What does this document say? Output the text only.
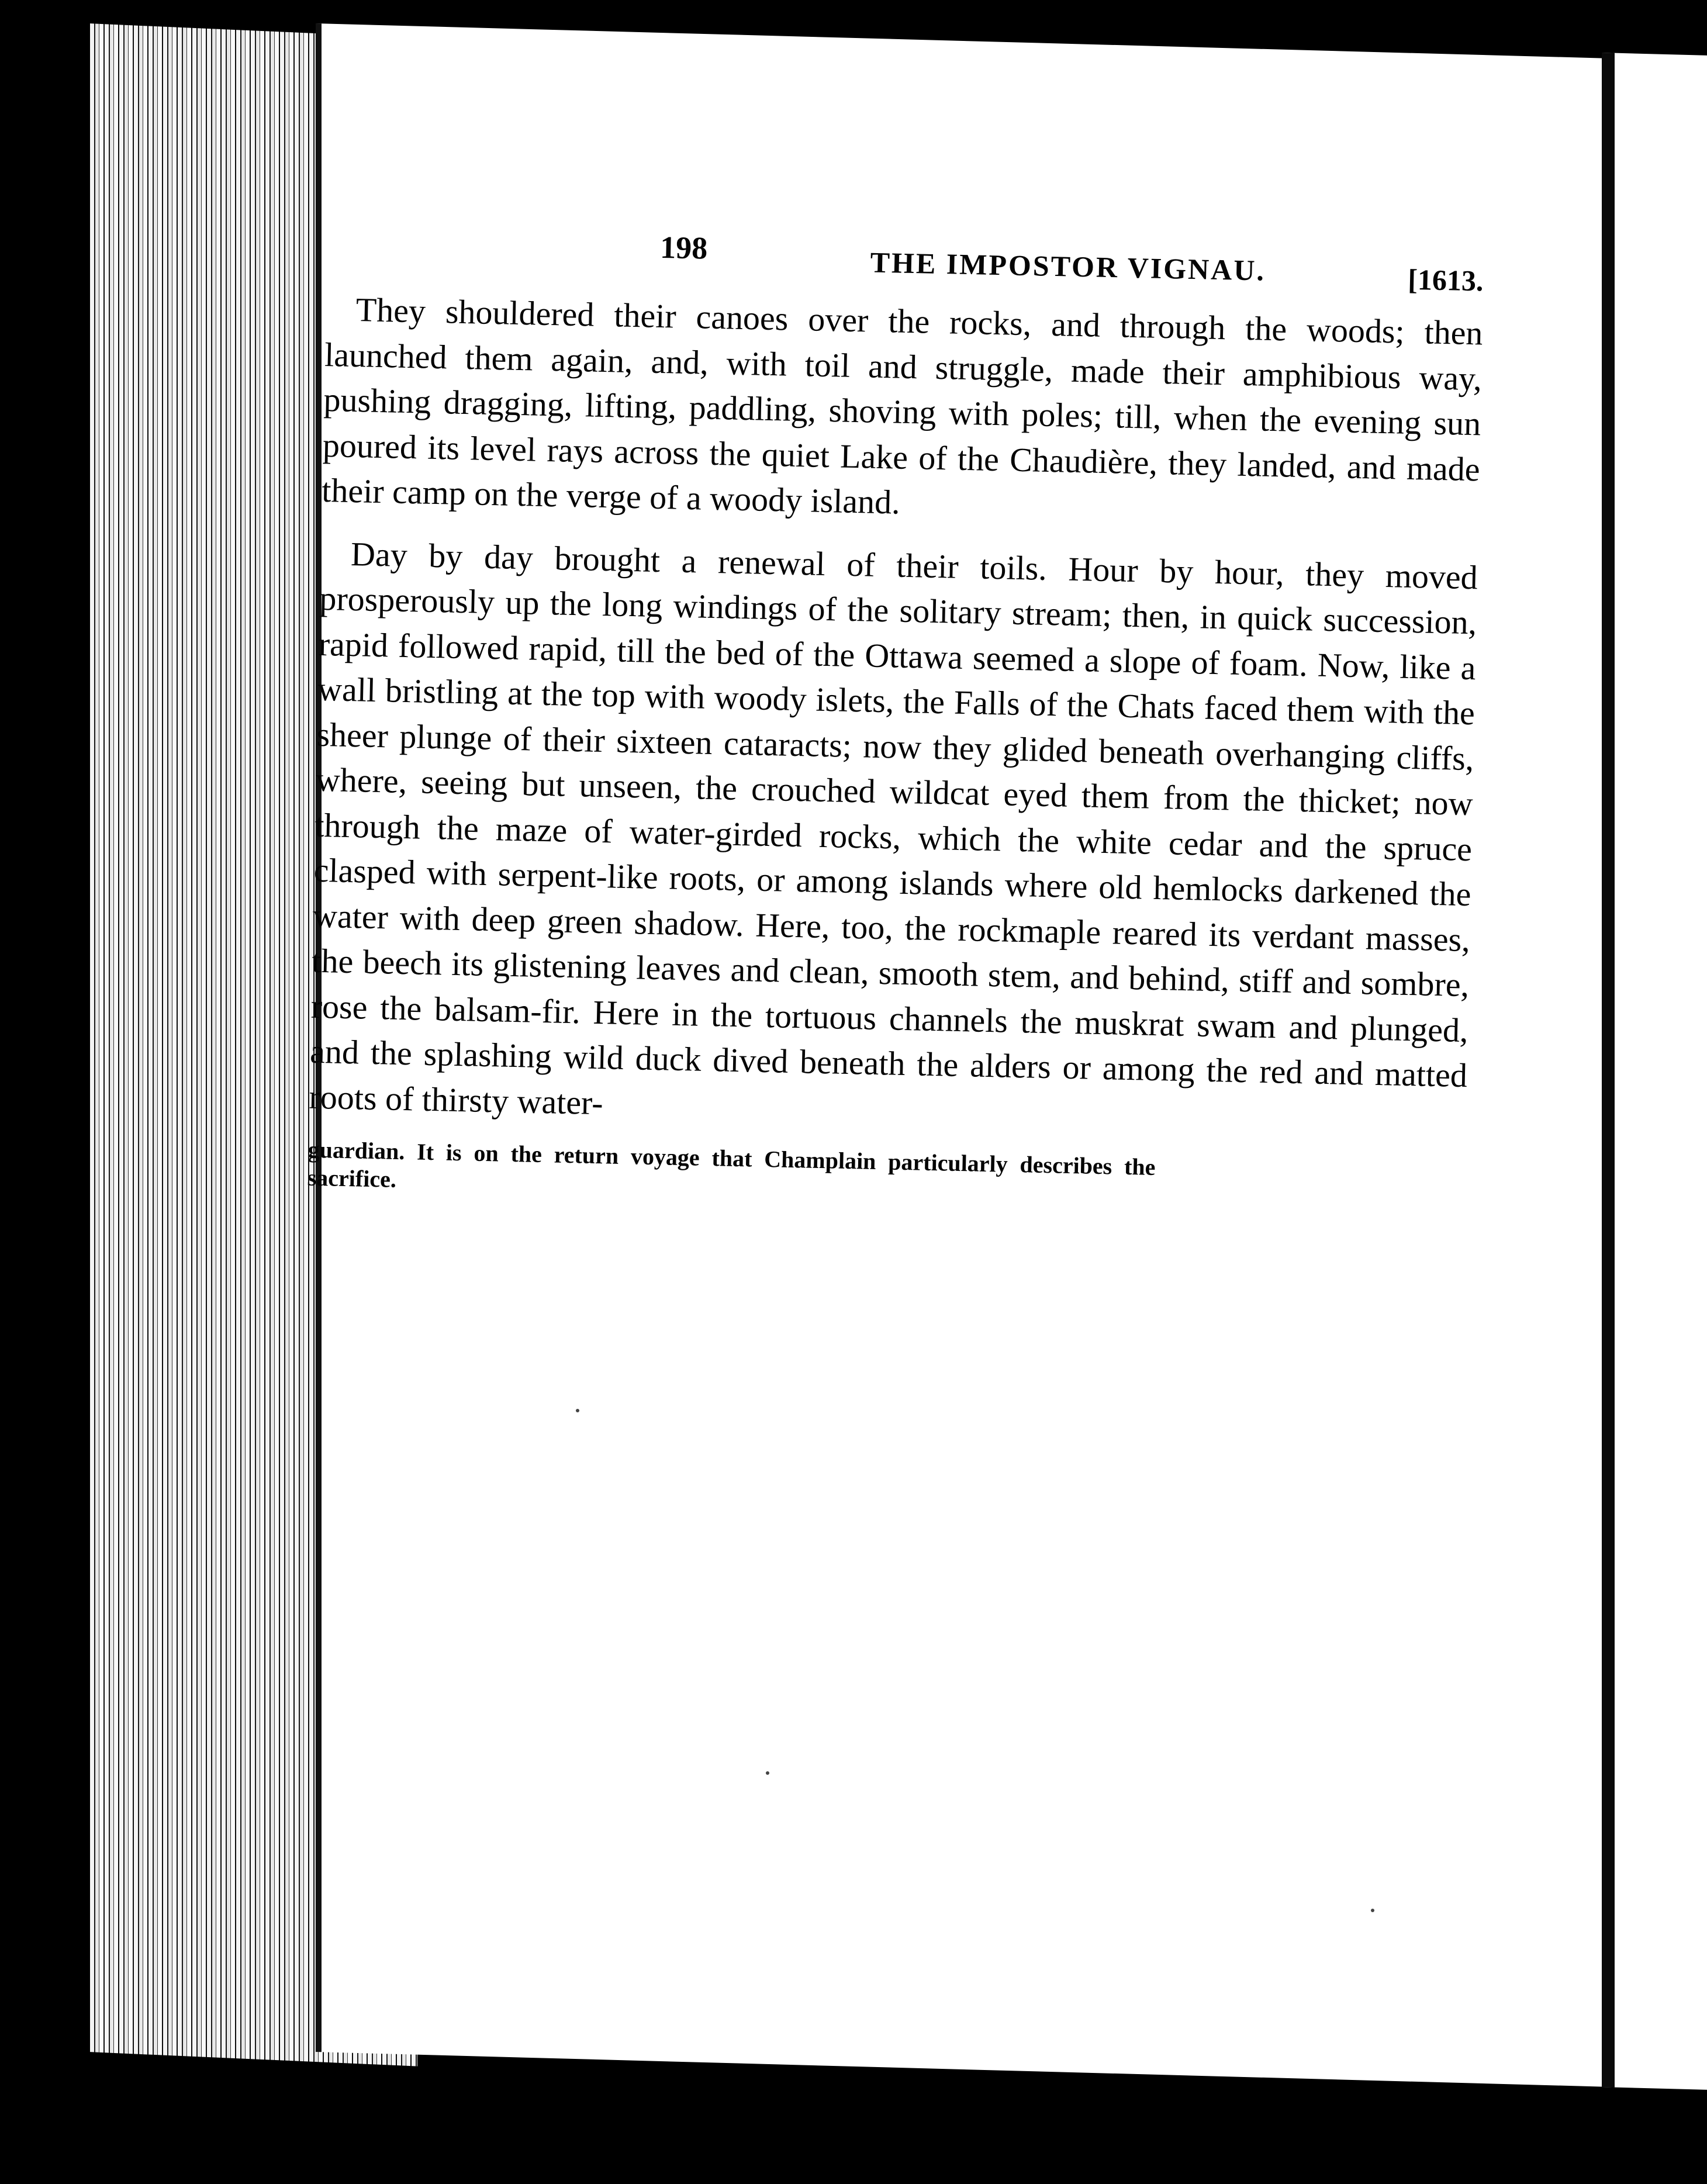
198	THE IMPOSTOR VIGNAU.	[1613.

They shouldered their canoes over the rocks, and through the woods; then launched them again, and, with toil and struggle, made their amphibious way, pushing dragging, lifting, paddling, shoving with poles; till, when the evening sun poured its level rays across the quiet Lake of the Chaudière, they landed, and made their camp on the verge of a woody island.

Day by day brought a renewal of their toils. Hour by hour, they moved prosperously up the long windings of the solitary stream; then, in quick succession, rapid followed rapid, till the bed of the Ottawa seemed a slope of foam. Now, like a wall bristling at the top with woody islets, the Falls of the Chats faced them with the sheer plunge of their sixteen cataracts; now they glided beneath overhanging cliffs, where, seeing but unseen, the crouched wildcat eyed them from the thicket; now through the maze of water-girded rocks, which the white cedar and the spruce clasped with serpent-like roots, or among islands where old hemlocks darkened the water with deep green shadow. Here, too, the rockmaple reared its verdant masses, the beech its glistening leaves and clean, smooth stem, and behind, stiff and sombre, rose the balsam-fir. Here in the tortuous channels the muskrat swam and plunged, and the splashing wild duck dived beneath the alders or among the red and matted roots of thirsty water-

guardian. It is on the return voyage that Champlain particularly describes the sacrifice.
